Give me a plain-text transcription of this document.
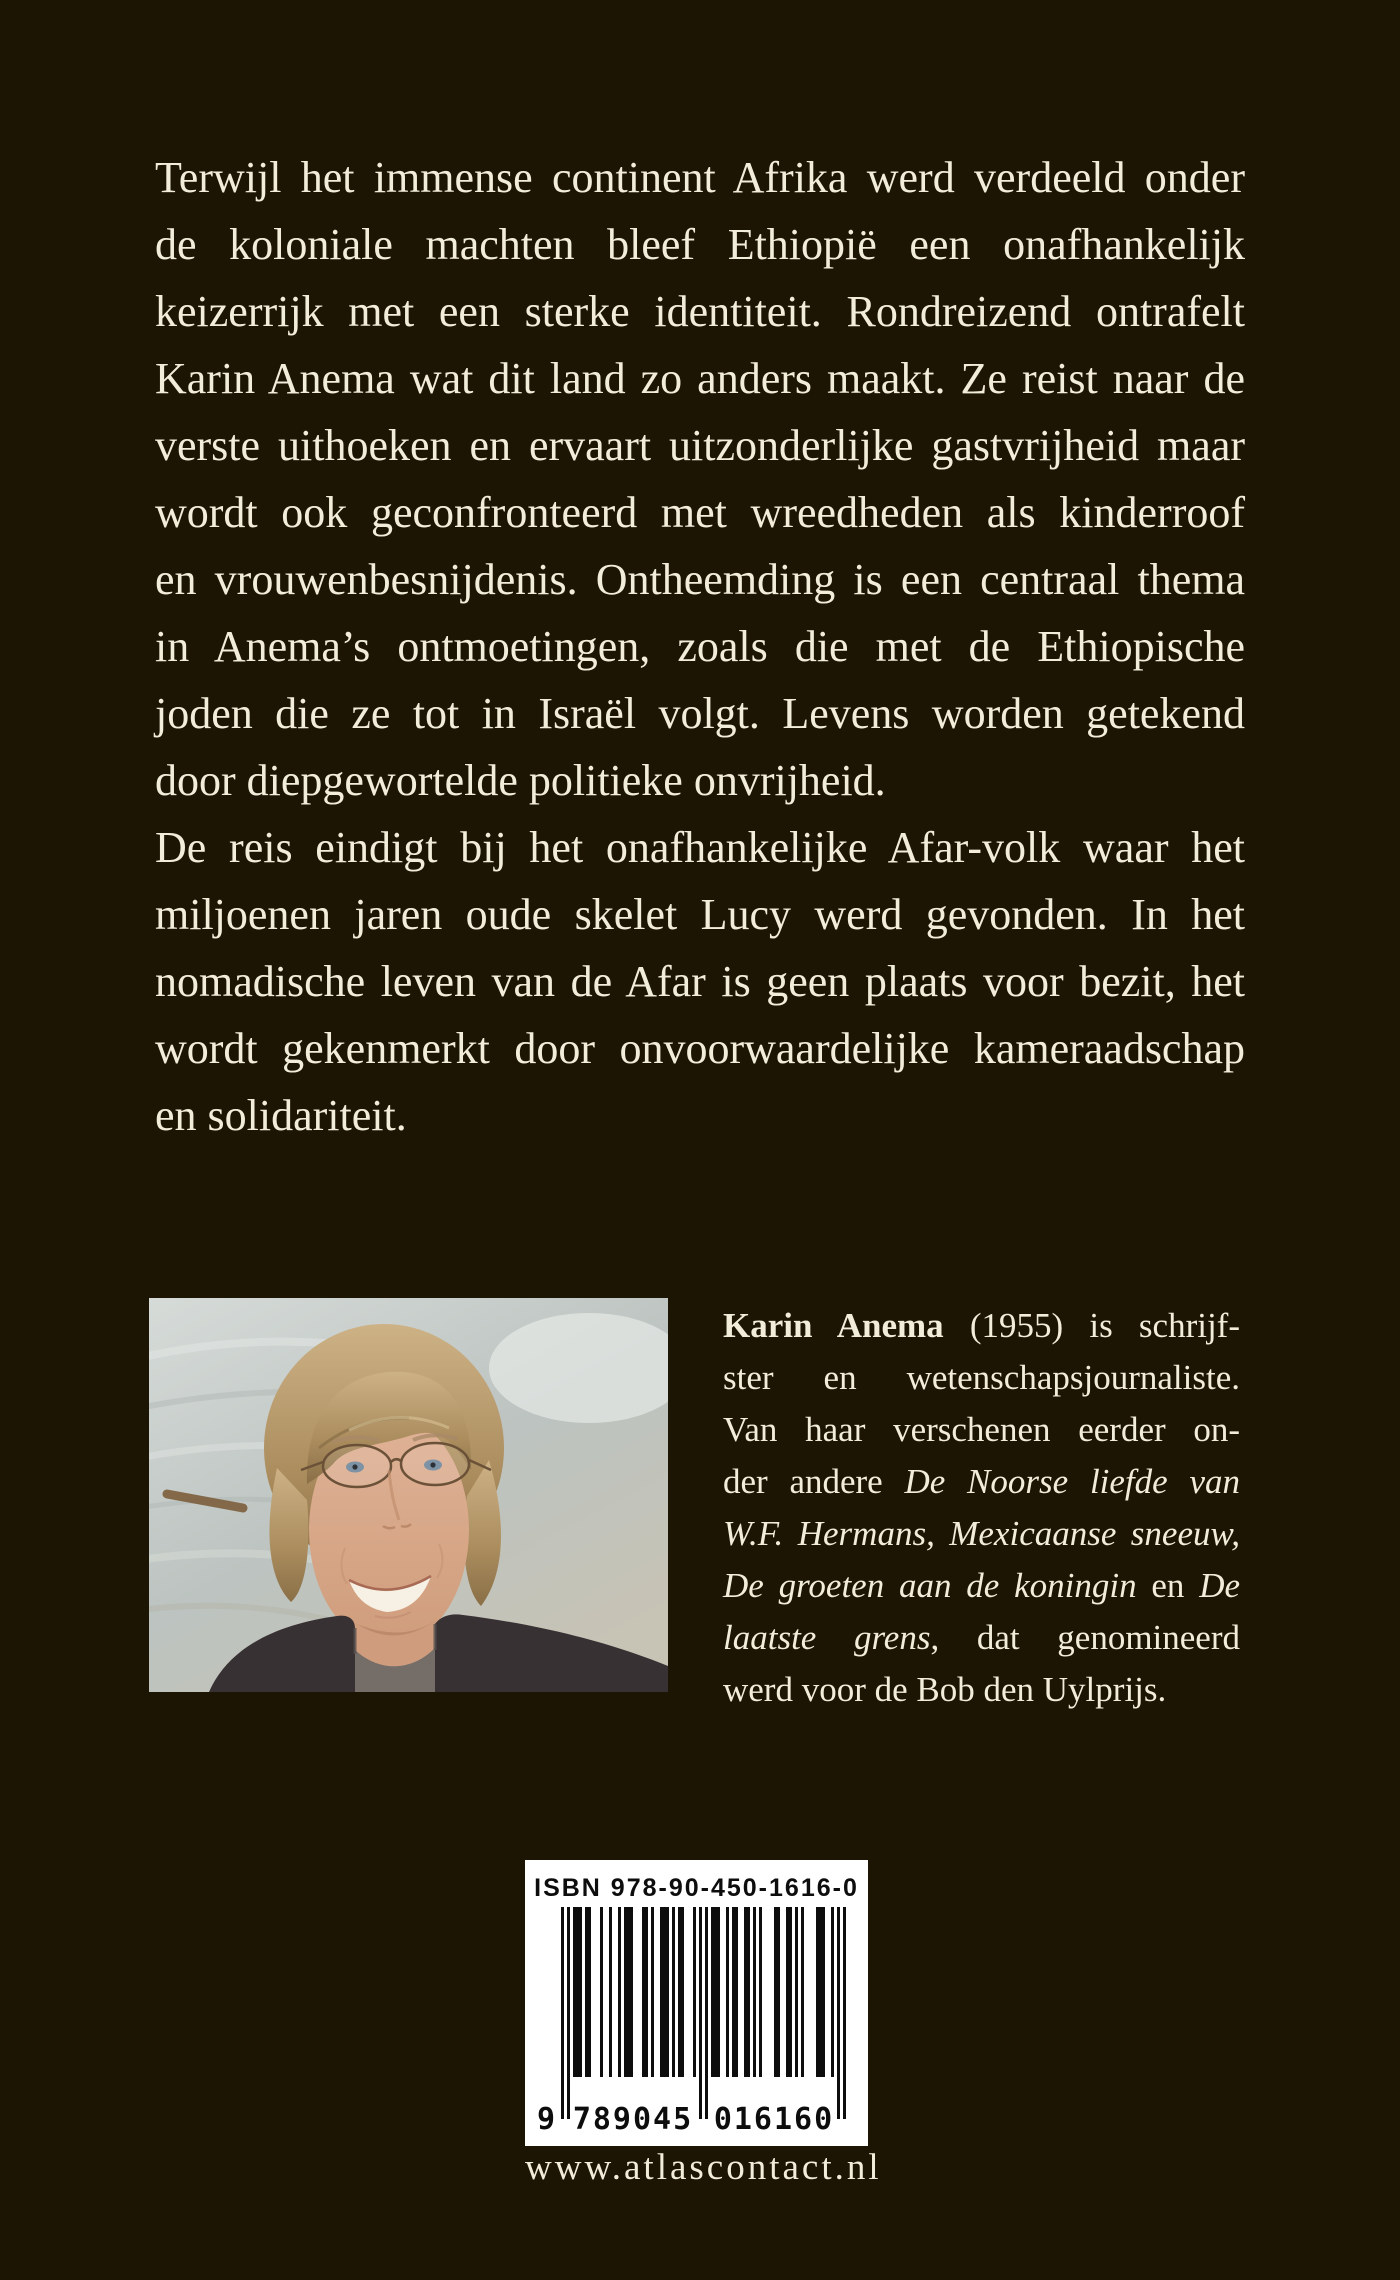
Terwijl het immense continent Afrika werd verdeeld onder
de koloniale machten bleef Ethiopië een onafhankelijk
keizerrijk met een sterke identiteit. Rondreizend ontrafelt
Karin Anema wat dit land zo anders maakt. Ze reist naar de
verste uithoeken en ervaart uitzonderlijke gastvrijheid maar
wordt ook geconfronteerd met wreedheden als kinderroof
en vrouwenbesnijdenis. Ontheemding is een centraal thema
in Anema’s ontmoetingen, zoals die met de Ethiopische
joden die ze tot in Israël volgt. Levens worden getekend
door diepgewortelde politieke onvrijheid.
De reis eindigt bij het onafhankelijke Afar-volk waar het
miljoenen jaren oude skelet Lucy werd gevonden. In het
nomadische leven van de Afar is geen plaats voor bezit, het
wordt gekenmerkt door onvoorwaardelijke kameraadschap
en solidariteit.
Karin Anema (1955) is schrijf-
ster en wetenschapsjournaliste.
Van haar verschenen eerder on-
der andere De Noorse liefde van
W.F. Hermans, Mexicaanse sneeuw,
De groeten aan de koningin en De
laatste grens, dat genomineerd
werd voor de Bob den Uylprijs.
ISBN 978-90-450-1616-0
9 789045 016160
www.atlascontact.nl
